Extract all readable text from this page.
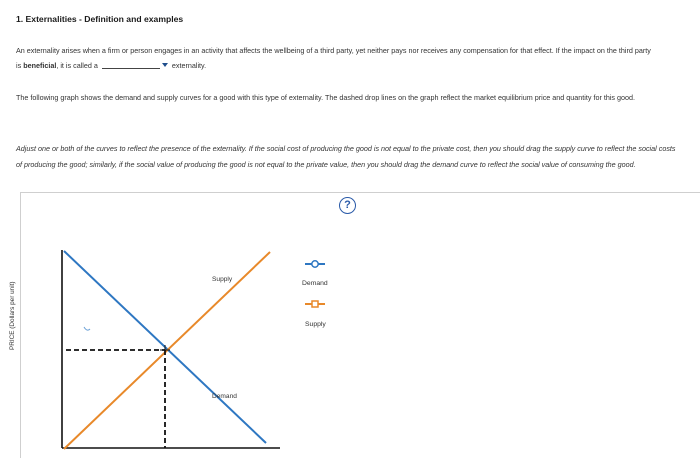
1. Externalities - Definition and examples
An externality arises when a firm or person engages in an activity that affects the wellbeing of a third party, yet neither pays nor receives any compensation for that effect. If the impact on the third party is beneficial, it is called a	externality.
The following graph shows the demand and supply curves for a good with this type of externality. The dashed drop lines on the graph reflect the market equilibrium price and quantity for this good.
Adjust one or both of the curves to reflect the presence of the externality. If the social cost of producing the good is not equal to the private cost, then you should drag the supply curve to reflect the social costs of producing the good; similarly, if the social value of producing the good is not equal to the private value, then you should drag the demand curve to reflect the social value of consuming the good.
?
PRICE (Dollars per unit)
Supply
Demand
Demand
Supply
